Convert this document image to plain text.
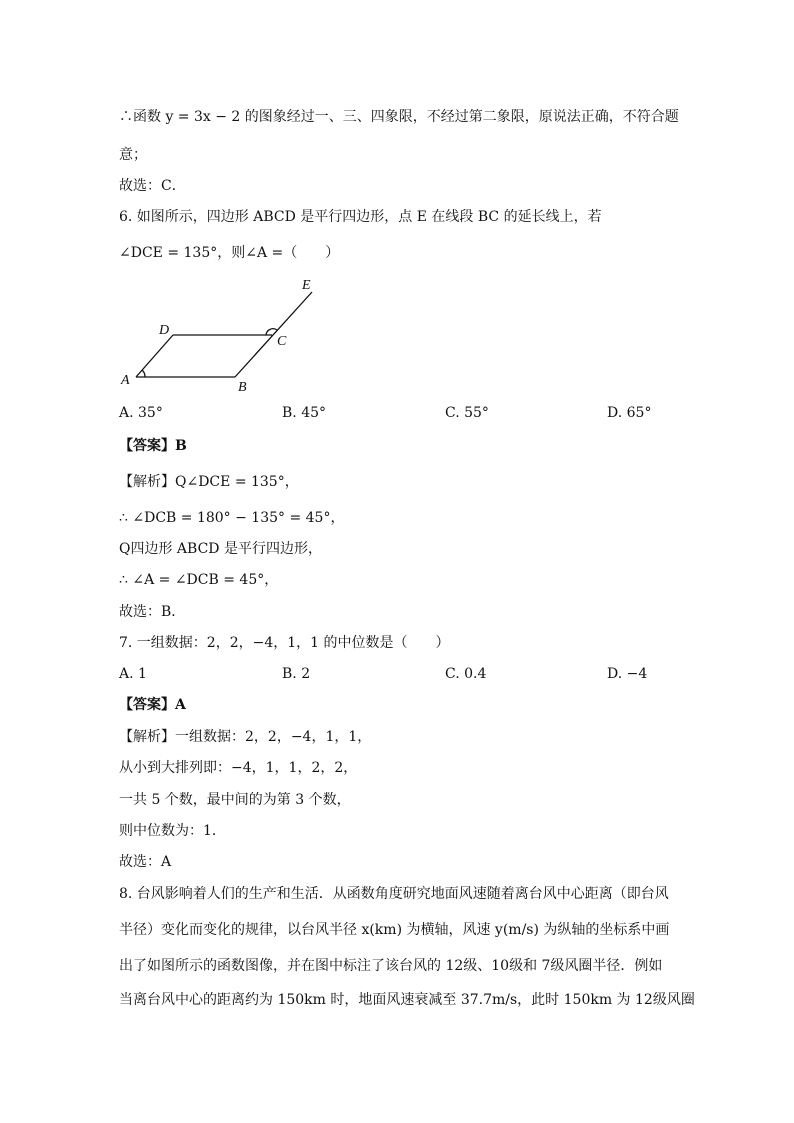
∴函数 y = 3x − 2 的图象经过一、三、四象限，不经过第二象限，原说法正确，不符合题
意；
故选：C．
6. 如图所示，四边形 ABCD 是平行四边形，点 E 在线段 BC 的延长线上，若
∠DCE = 135°，则∠A =（　　）
A	B
C
D
E
A. 35°	B. 45°	C. 55°	D. 65°
【答案】B
【解析】Q∠DCE = 135°，
∴ ∠DCB = 180° − 135° = 45°，
Q四边形 ABCD 是平行四边形，
∴ ∠A = ∠DCB = 45°，
故选：B．
7. 一组数据：2，2，−4，1，1 的中位数是（　　）
A. 1	B. 2	C. 0.4	D. −4
【答案】A
【解析】一组数据：2，2，−4，1，1，
从小到大排列即：−4，1，1，2，2，
一共 5 个数，最中间的为第 3 个数，
则中位数为：1．
故选：A
8. 台风影响着人们的生产和生活．从函数角度研究地面风速随着离台风中心距离（即台风
半径）变化而变化的规律，以台风半径 x(km) 为横轴，风速 y(m/s) 为纵轴的坐标系中画
出了如图所示的函数图像，并在图中标注了该台风的 12级、10级和 7级风圈半径．例如
当离台风中心的距离约为 150km 时，地面风速衰减至 37.7m/s，此时 150km 为 12级风圈
